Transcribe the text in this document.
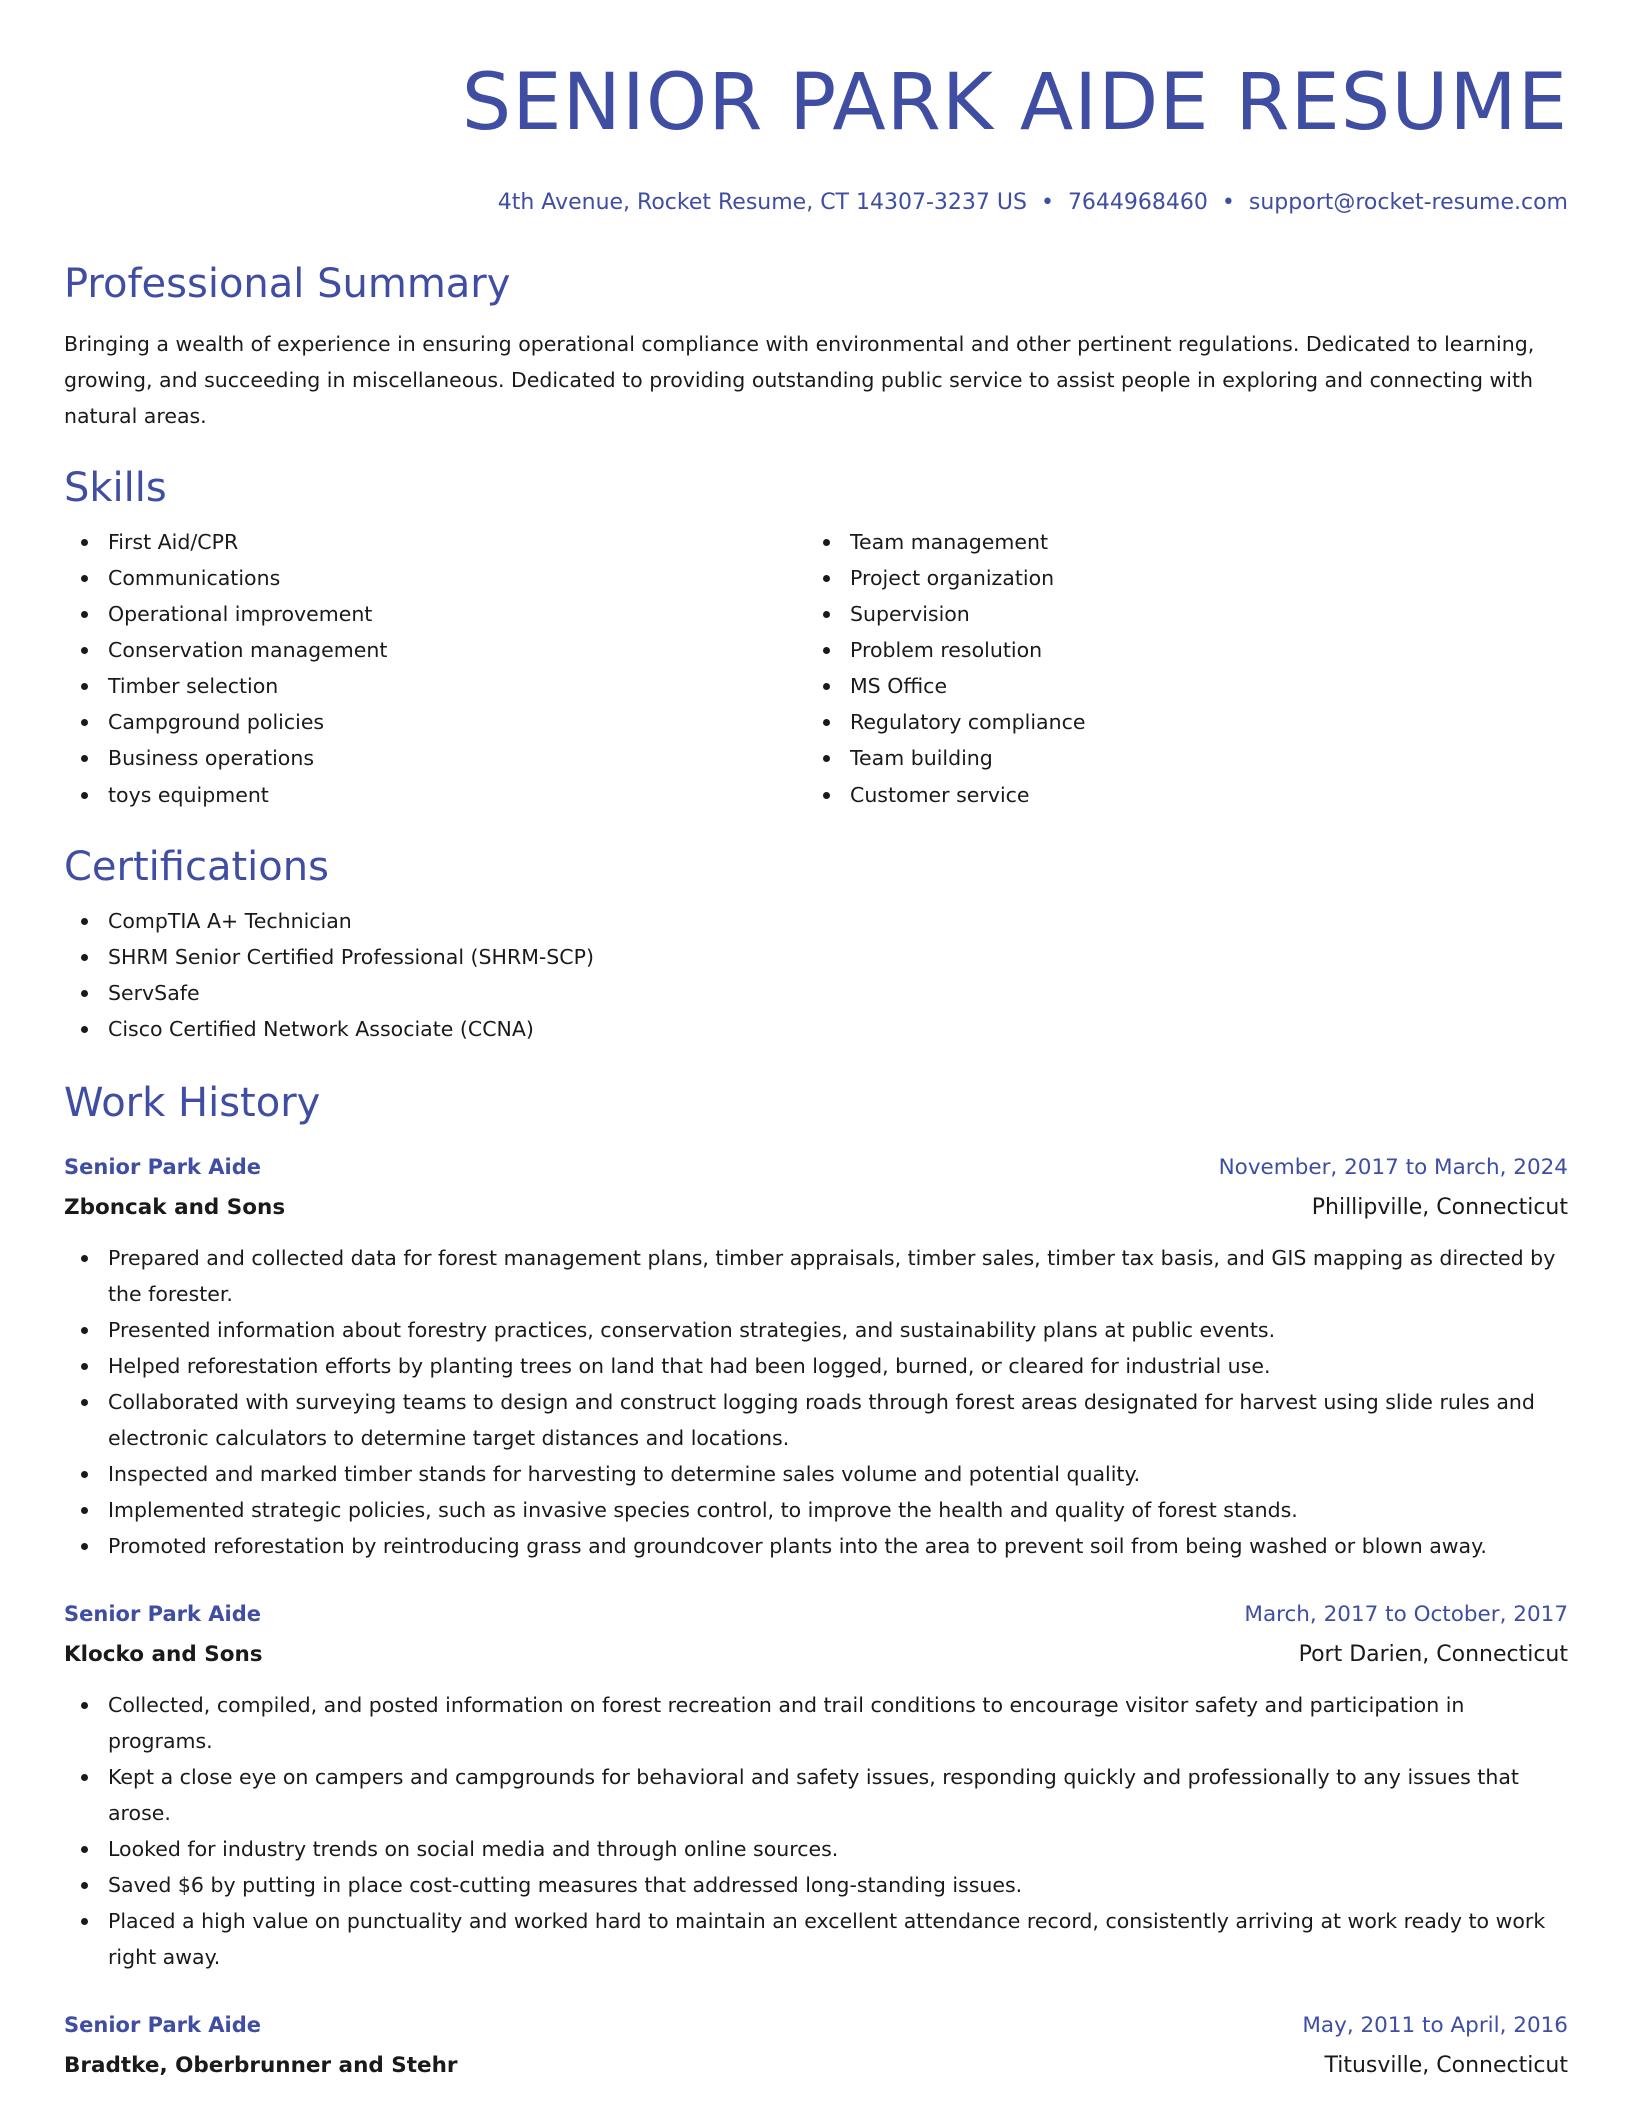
SENIOR PARK AIDE RESUME
4th Avenue, Rocket Resume, CT 14307-3237 US • 7644968460 • support@rocket-resume.com
Professional Summary

Bringing a wealth of experience in ensuring operational compliance with environmental and other pertinent regulations. Dedicated to learning, growing, and succeeding in miscellaneous. Dedicated to providing outstanding public service to assist people in exploring and connecting with natural areas.

Skills
First Aid/CPR
Communications
Operational improvement
Conservation management
Timber selection
Campground policies
Business operations
toys equipment
Team management
Project organization
Supervision
Problem resolution
MS Office
Regulatory compliance
Team building
Customer service
Certifications
CompTIA A+ Technician
SHRM Senior Certified Professional (SHRM-SCP)
ServSafe
Cisco Certified Network Associate (CCNA)
Work History
Senior Park Aide	November, 2017 to March, 2024
Zboncak and Sons	Phillipville, Connecticut
Prepared and collected data for forest management plans, timber appraisals, timber sales, timber tax basis, and GIS mapping as directed by the forester.
Presented information about forestry practices, conservation strategies, and sustainability plans at public events.
Helped reforestation efforts by planting trees on land that had been logged, burned, or cleared for industrial use.
Collaborated with surveying teams to design and construct logging roads through forest areas designated for harvest using slide rules and electronic calculators to determine target distances and locations.
Inspected and marked timber stands for harvesting to determine sales volume and potential quality.
Implemented strategic policies, such as invasive species control, to improve the health and quality of forest stands.
Promoted reforestation by reintroducing grass and groundcover plants into the area to prevent soil from being washed or blown away.
Senior Park Aide	March, 2017 to October, 2017
Klocko and Sons	Port Darien, Connecticut
Collected, compiled, and posted information on forest recreation and trail conditions to encourage visitor safety and participation in programs.
Kept a close eye on campers and campgrounds for behavioral and safety issues, responding quickly and professionally to any issues that arose.
Looked for industry trends on social media and through online sources.
Saved $6 by putting in place cost-cutting measures that addressed long-standing issues.
Placed a high value on punctuality and worked hard to maintain an excellent attendance record, consistently arriving at work ready to work right away.
Senior Park Aide	May, 2011 to April, 2016
Bradtke, Oberbrunner and Stehr	Titusville, Connecticut
